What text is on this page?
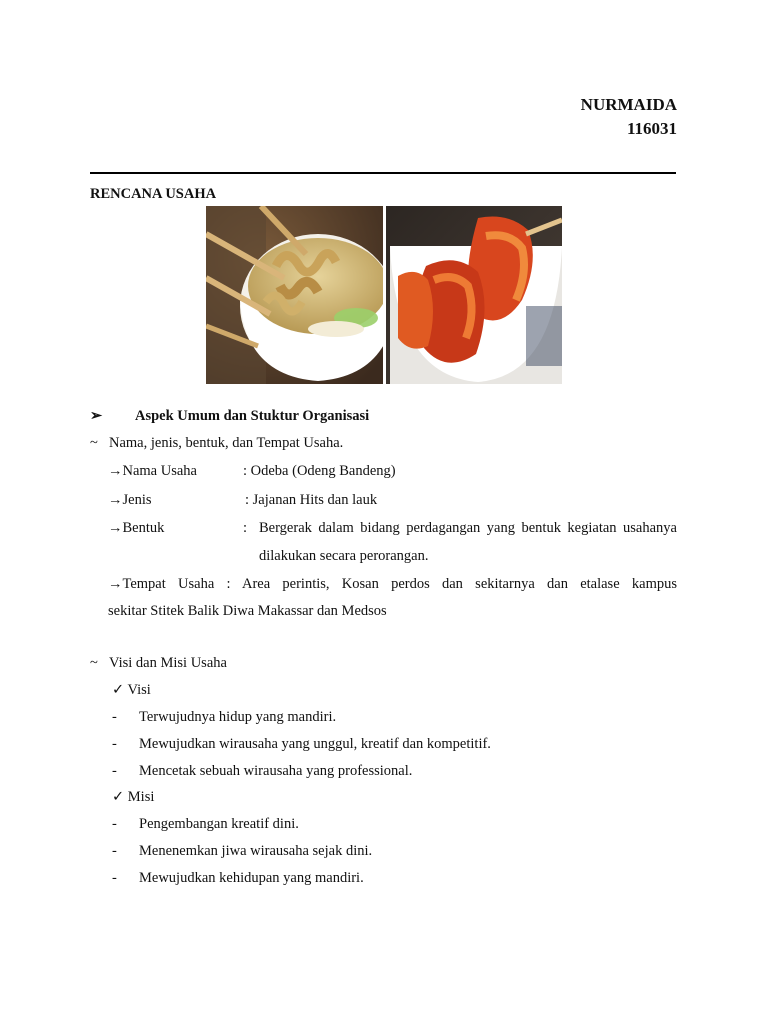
NURMAIDA
116031
RENCANA USAHA
➢ Aspek Umum dan Stuktur Organisasi
~ Nama, jenis, bentuk, dan Tempat Usaha.
→Nama Usaha	: Odeba (Odeng Bandeng)
→Jenis	: Jajanan Hits dan lauk
→Bentuk	: Bergerak dalam bidang perdagangan yang bentuk kegiatan usahanya
dilakukan secara perorangan.
→ Tempat Usaha : Area perintis, Kosan perdos dan sekitarnya dan etalase kampus
sekitar Stitek Balik Diwa Makassar dan Medsos
~ Visi dan Misi Usaha
✓ Visi
- Terwujudnya hidup yang mandiri.
- Mewujudkan wirausaha yang unggul, kreatif dan kompetitif.
- Mencetak sebuah wirausaha yang professional.
✓ Misi
- Pengembangan kreatif dini.
- Menenemkan jiwa wirausaha sejak dini.
- Mewujudkan kehidupan yang mandiri.
